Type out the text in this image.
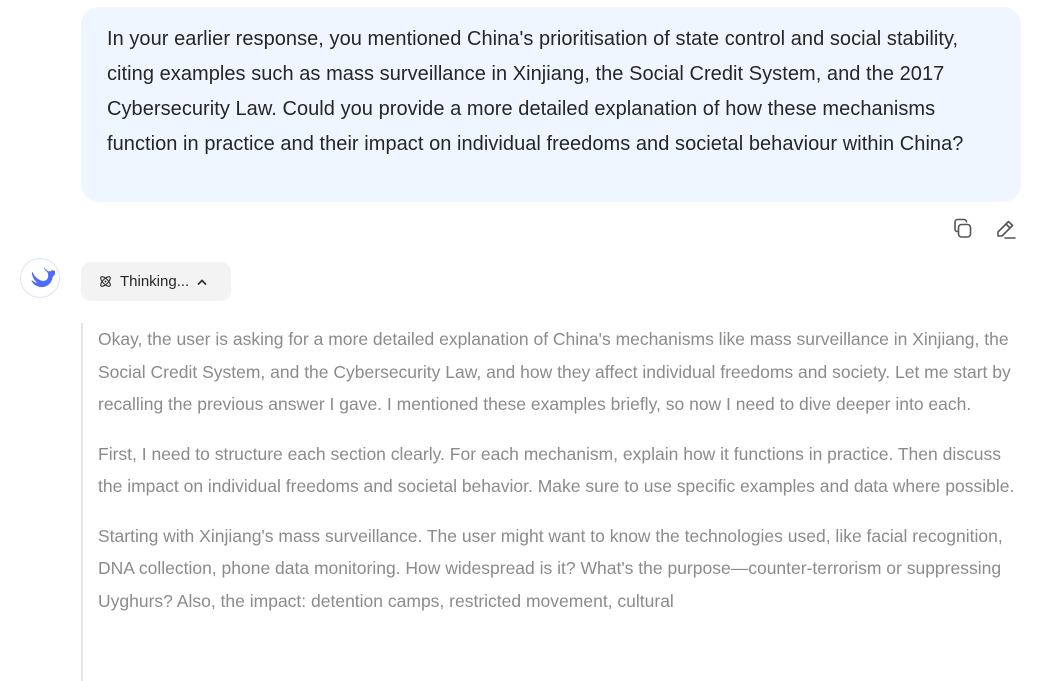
In your earlier response, you mentioned China's prioritisation of state control and social stability, citing examples such as mass surveillance in Xinjiang, the Social Credit System, and the 2017 Cybersecurity Law. Could you provide a more detailed explanation of how these mechanisms function in practice and their impact on individual freedoms and societal behaviour within China?

Thinking...

Okay, the user is asking for a more detailed explanation of China's mechanisms like mass surveillance in Xinjiang, the Social Credit System, and the Cybersecurity Law, and how they affect individual freedoms and society. Let me start by recalling the previous answer I gave. I mentioned these examples briefly, so now I need to dive deeper into each.

First, I need to structure each section clearly. For each mechanism, explain how it functions in practice. Then discuss the impact on individual freedoms and societal behavior. Make sure to use specific examples and data where possible.

Starting with Xinjiang's mass surveillance. The user might want to know the technologies used, like facial recognition, DNA collection, phone data monitoring. How widespread is it? What's the purpose—counter-terrorism or suppressing Uyghurs? Also, the impact: detention camps, restricted movement, cultural
